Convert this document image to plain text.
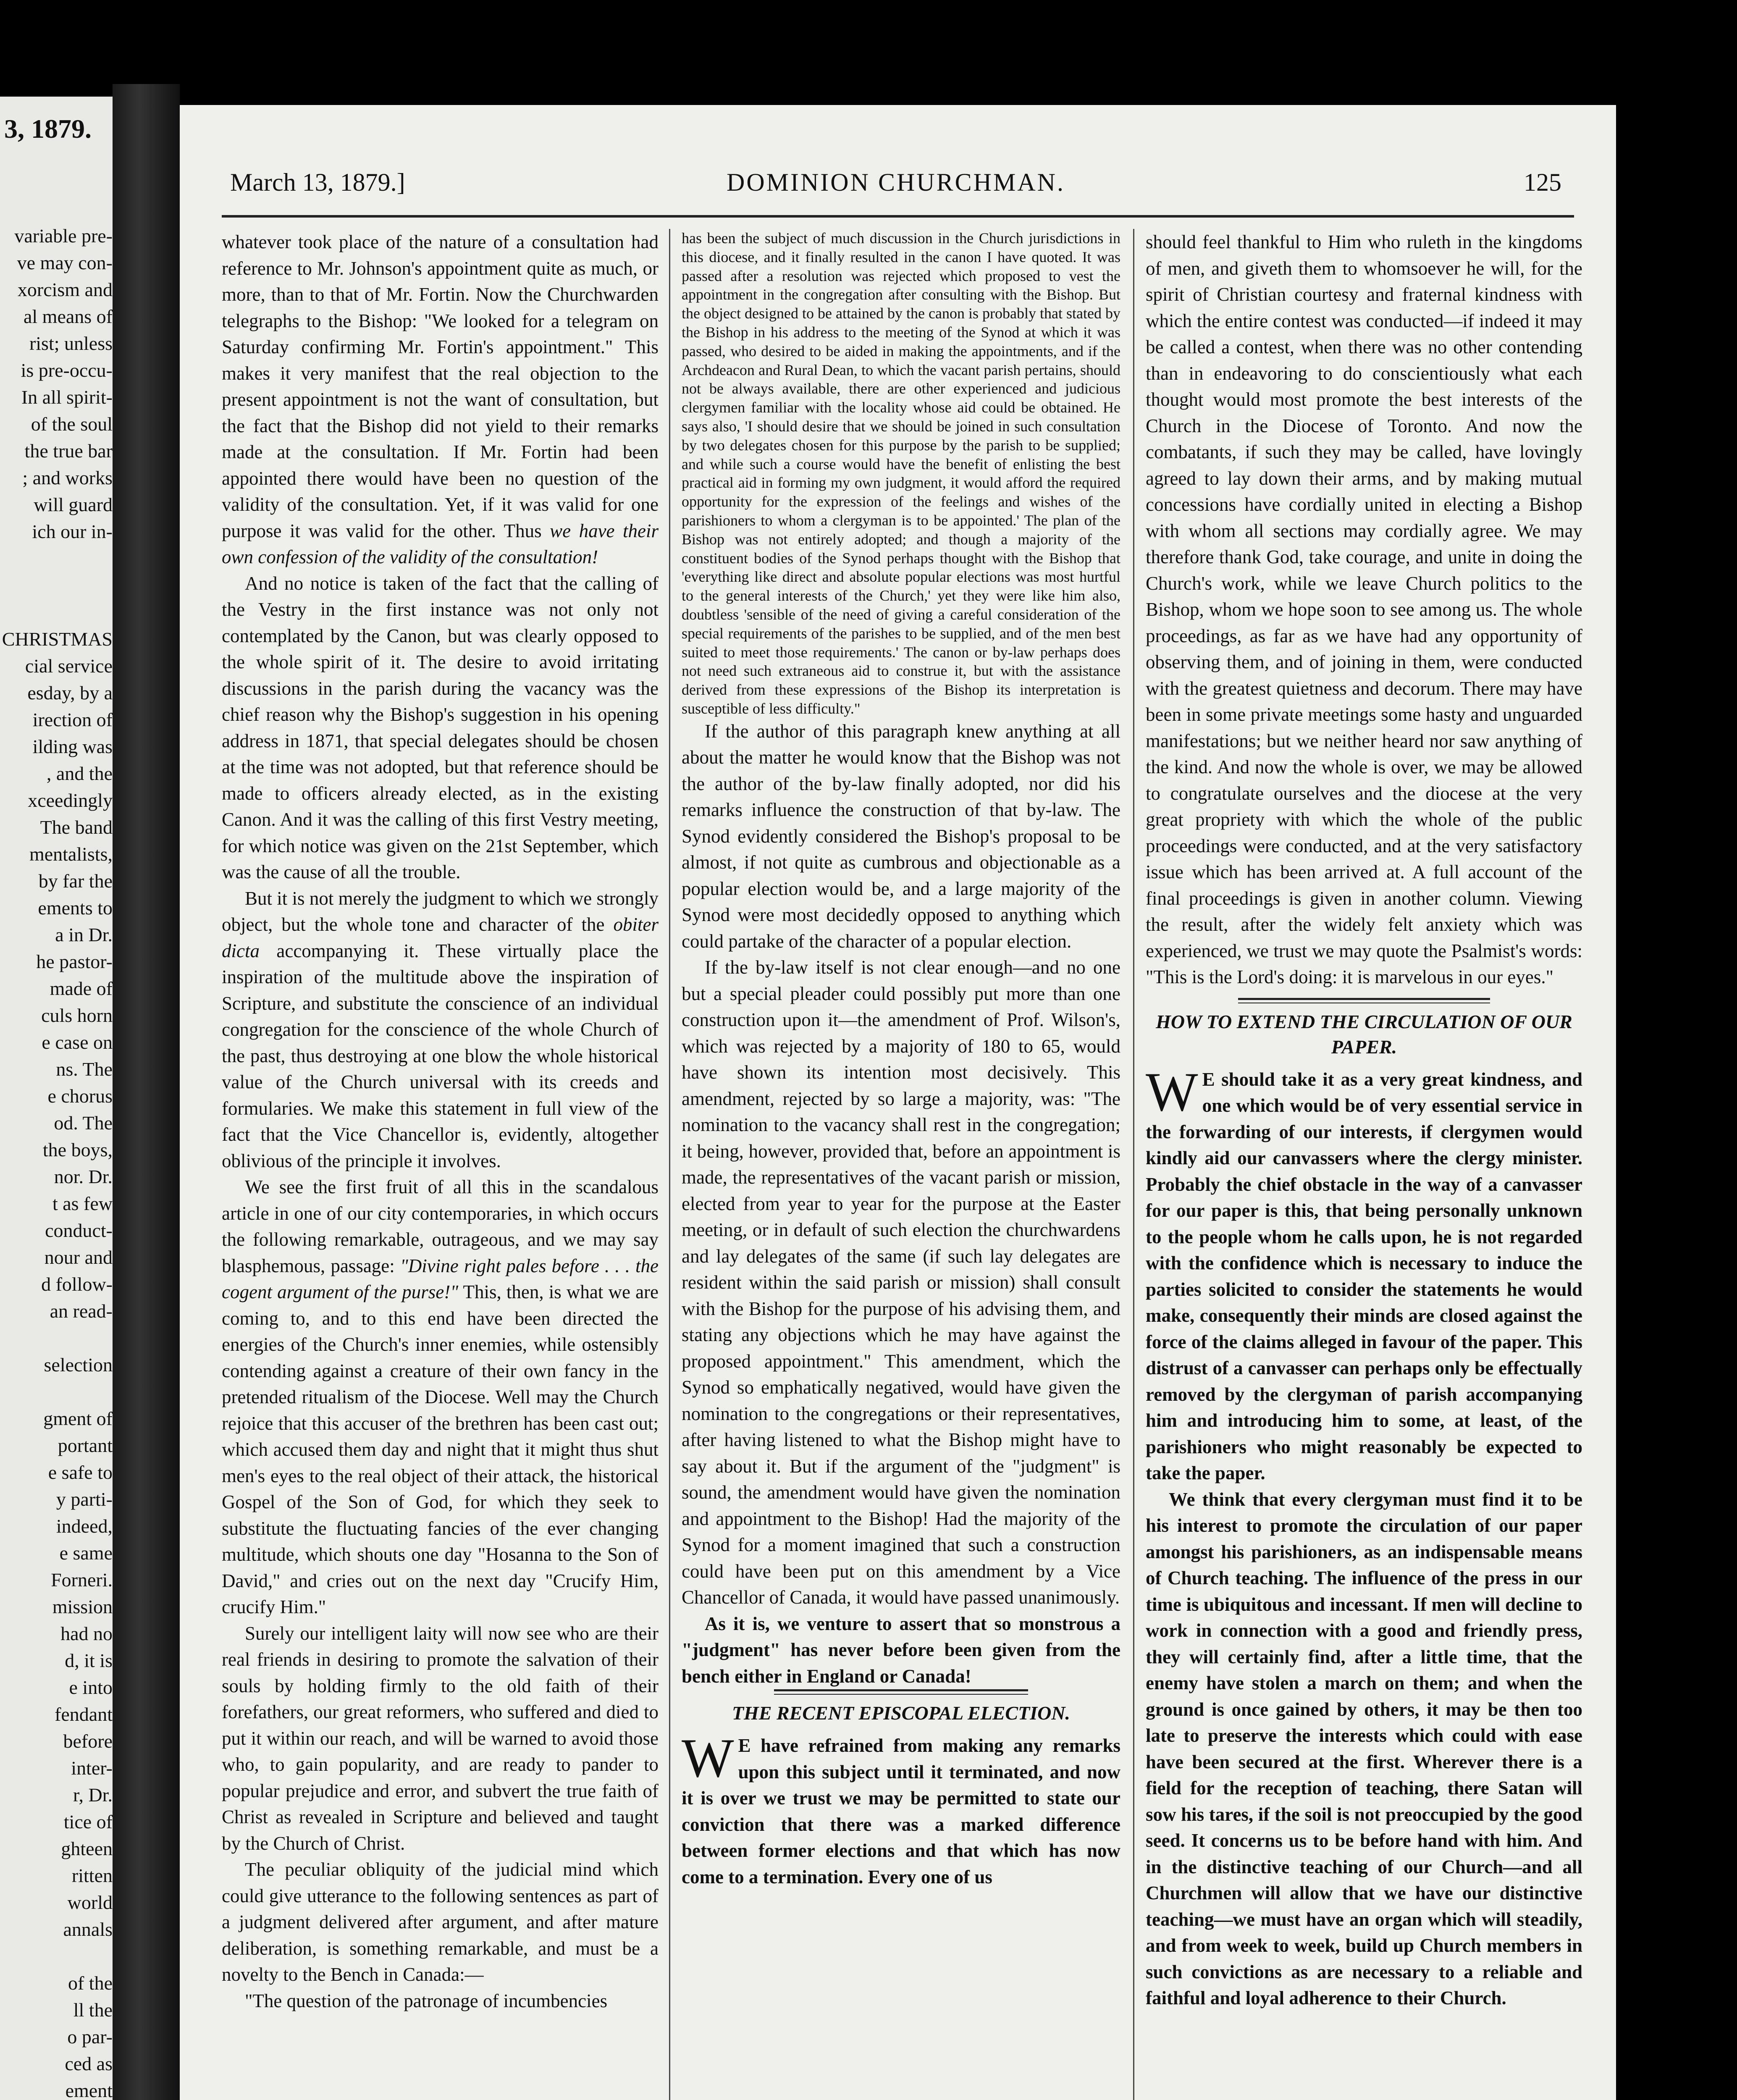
3, 1879.
variable pre-
ve may con-
xorcism and
al means of
rist; unless
is pre-occu-
In all spirit-
of the soul
the true bar
; and works
will guard
ich our in-
CHRISTMAS
cial service
esday, by a
irection of
ilding was
, and the
xceedingly
The band
mentalists,
by far the
ements to
a in Dr.
he pastor-
made of
culs horn
e case on
ns. The
e chorus
od. The
the boys,
nor. Dr.
t as few
conduct-
nour and
d follow-
an read-
selection
gment of
portant
e safe to
y parti-
indeed,
e same
Forneri.
mission
had no
d, it is
e into
fendant
before
inter-
r, Dr.
tice of
ghteen
ritten
world
annals
of the
ll the
o par-
ced as
ement
March 13, 1879.]	DOMINION CHURCHMAN.	125

whatever took place of the nature of a consultation had reference to Mr. Johnson's appointment quite as much, or more, than to that of Mr. Fortin. Now the Churchwarden telegraphs to the Bishop: "We looked for a telegram on Saturday confirming Mr. Fortin's appointment." This makes it very manifest that the real objection to the present appointment is not the want of consultation, but the fact that the Bishop did not yield to their remarks made at the consultation. If Mr. Fortin had been appointed there would have been no question of the validity of the consultation. Yet, if it was valid for one purpose it was valid for the other. Thus we have their own confession of the validity of the consultation!

And no notice is taken of the fact that the calling of the Vestry in the first instance was not only not contemplated by the Canon, but was clearly opposed to the whole spirit of it. The desire to avoid irritating discussions in the parish during the vacancy was the chief reason why the Bishop's suggestion in his opening address in 1871, that special delegates should be chosen at the time was not adopted, but that reference should be made to officers already elected, as in the existing Canon. And it was the calling of this first Vestry meeting, for which notice was given on the 21st September, which was the cause of all the trouble.

But it is not merely the judgment to which we strongly object, but the whole tone and character of the obiter dicta accompanying it. These virtually place the inspiration of the multitude above the inspiration of Scripture, and substitute the conscience of an individual congregation for the conscience of the whole Church of the past, thus destroying at one blow the whole historical value of the Church universal with its creeds and formularies. We make this statement in full view of the fact that the Vice Chancellor is, evidently, altogether oblivious of the principle it involves.

We see the first fruit of all this in the scandalous article in one of our city contemporaries, in which occurs the following remarkable, outrageous, and we may say blasphemous, passage: "Divine right pales before . . . the cogent argument of the purse!" This, then, is what we are coming to, and to this end have been directed the energies of the Church's inner enemies, while ostensibly contending against a creature of their own fancy in the pretended ritualism of the Diocese. Well may the Church rejoice that this accuser of the brethren has been cast out; which accused them day and night that it might thus shut men's eyes to the real object of their attack, the historical Gospel of the Son of God, for which they seek to substitute the fluctuating fancies of the ever changing multitude, which shouts one day "Hosanna to the Son of David," and cries out on the next day "Crucify Him, crucify Him."

Surely our intelligent laity will now see who are their real friends in desiring to promote the salvation of their souls by holding firmly to the old faith of their forefathers, our great reformers, who suffered and died to put it within our reach, and will be warned to avoid those who, to gain popularity, and are ready to pander to popular prejudice and error, and subvert the true faith of Christ as revealed in Scripture and believed and taught by the Church of Christ.

The peculiar obliquity of the judicial mind which could give utterance to the following sentences as part of a judgment delivered after argument, and after mature deliberation, is something remarkable, and must be a novelty to the Bench in Canada:—

"The question of the patronage of incumbencies

has been the subject of much discussion in the Church jurisdictions in this diocese, and it finally resulted in the canon I have quoted. It was passed after a resolution was rejected which proposed to vest the appointment in the congregation after consulting with the Bishop. But the object designed to be attained by the canon is probably that stated by the Bishop in his address to the meeting of the Synod at which it was passed, who desired to be aided in making the appointments, and if the Archdeacon and Rural Dean, to which the vacant parish pertains, should not be always available, there are other experienced and judicious clergymen familiar with the locality whose aid could be obtained. He says also, 'I should desire that we should be joined in such consultation by two delegates chosen for this purpose by the parish to be supplied; and while such a course would have the benefit of enlisting the best practical aid in forming my own judgment, it would afford the required opportunity for the expression of the feelings and wishes of the parishioners to whom a clergyman is to be appointed.' The plan of the Bishop was not entirely adopted; and though a majority of the constituent bodies of the Synod perhaps thought with the Bishop that 'everything like direct and absolute popular elections was most hurtful to the general interests of the Church,' yet they were like him also, doubtless 'sensible of the need of giving a careful consideration of the special requirements of the parishes to be supplied, and of the men best suited to meet those requirements.' The canon or by-law perhaps does not need such extraneous aid to construe it, but with the assistance derived from these expressions of the Bishop its interpretation is susceptible of less difficulty."

If the author of this paragraph knew anything at all about the matter he would know that the Bishop was not the author of the by-law finally adopted, nor did his remarks influence the construction of that by-law. The Synod evidently considered the Bishop's proposal to be almost, if not quite as cumbrous and objectionable as a popular election would be, and a large majority of the Synod were most decidedly opposed to anything which could partake of the character of a popular election.

If the by-law itself is not clear enough—and no one but a special pleader could possibly put more than one construction upon it—the amendment of Prof. Wilson's, which was rejected by a majority of 180 to 65, would have shown its intention most decisively. This amendment, rejected by so large a majority, was: "The nomination to the vacancy shall rest in the congregation; it being, however, provided that, before an appointment is made, the representatives of the vacant parish or mission, elected from year to year for the purpose at the Easter meeting, or in default of such election the churchwardens and lay delegates of the same (if such lay delegates are resident within the said parish or mission) shall consult with the Bishop for the purpose of his advising them, and stating any objections which he may have against the proposed appointment." This amendment, which the Synod so emphatically negatived, would have given the nomination to the congregations or their representatives, after having listened to what the Bishop might have to say about it. But if the argument of the "judgment" is sound, the amendment would have given the nomination and appointment to the Bishop! Had the majority of the Synod for a moment imagined that such a construction could have been put on this amendment by a Vice Chancellor of Canada, it would have passed unanimously.

As it is, we venture to assert that so monstrous a "judgment" has never before been given from the bench either in England or Canada!

THE RECENT EPISCOPAL ELECTION.

W E have refrained from making any remarks upon this subject until it terminated, and now it is over we trust we may be permitted to state our conviction that there was a marked difference between former elections and that which has now come to a termination. Every one of us

should feel thankful to Him who ruleth in the kingdoms of men, and giveth them to whomsoever he will, for the spirit of Christian courtesy and fraternal kindness with which the entire contest was conducted—if indeed it may be called a contest, when there was no other contending than in endeavoring to do conscientiously what each thought would most promote the best interests of the Church in the Diocese of Toronto. And now the combatants, if such they may be called, have lovingly agreed to lay down their arms, and by making mutual concessions have cordially united in electing a Bishop with whom all sections may cordially agree. We may therefore thank God, take courage, and unite in doing the Church's work, while we leave Church politics to the Bishop, whom we hope soon to see among us. The whole proceedings, as far as we have had any opportunity of observing them, and of joining in them, were conducted with the greatest quietness and decorum. There may have been in some private meetings some hasty and unguarded manifestations; but we neither heard nor saw anything of the kind. And now the whole is over, we may be allowed to congratulate ourselves and the diocese at the very great propriety with which the whole of the public proceedings were conducted, and at the very satisfactory issue which has been arrived at. A full account of the final proceedings is given in another column. Viewing the result, after the widely felt anxiety which was experienced, we trust we may quote the Psalmist's words: "This is the Lord's doing: it is marvelous in our eyes."

HOW TO EXTEND THE CIRCULATION OF OUR PAPER.

W E should take it as a very great kindness, and one which would be of very essential service in the forwarding of our interests, if clergymen would kindly aid our canvassers where the clergy minister. Probably the chief obstacle in the way of a canvasser for our paper is this, that being personally unknown to the people whom he calls upon, he is not regarded with the confidence which is necessary to induce the parties solicited to consider the statements he would make, consequently their minds are closed against the force of the claims alleged in favour of the paper. This distrust of a canvasser can perhaps only be effectually removed by the clergyman of parish accompanying him and introducing him to some, at least, of the parishioners who might reasonably be expected to take the paper.

We think that every clergyman must find it to be his interest to promote the circulation of our paper amongst his parishioners, as an indispensable means of Church teaching. The influence of the press in our time is ubiquitous and incessant. If men will decline to work in connection with a good and friendly press, they will certainly find, after a little time, that the enemy have stolen a march on them; and when the ground is once gained by others, it may be then too late to preserve the interests which could with ease have been secured at the first. Wherever there is a field for the reception of teaching, there Satan will sow his tares, if the soil is not preoccupied by the good seed. It concerns us to be before hand with him. And in the distinctive teaching of our Church—and all Churchmen will allow that we have our distinctive teaching—we must have an organ which will steadily, and from week to week, build up Church members in such convictions as are necessary to a reliable and faithful and loyal adherence to their Church.
